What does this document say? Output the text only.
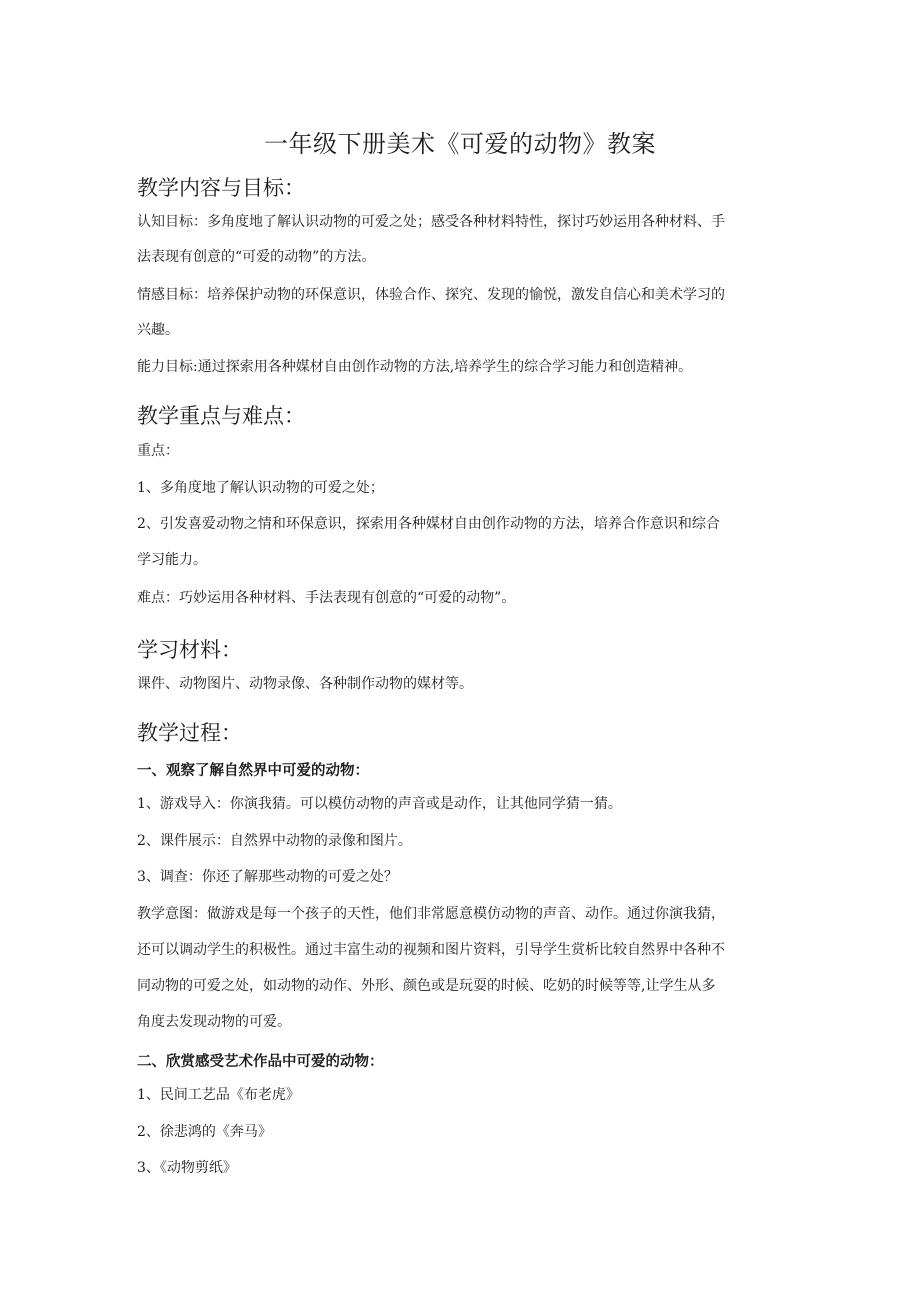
一年级下册美术《可爱的动物》教案
教学内容与目标：

认知目标：多角度地了解认识动物的可爱之处；感受各种材料特性，探讨巧妙运用各种材料、手

法表现有创意的“可爱的动物”的方法。

情感目标：培养保护动物的环保意识，体验合作、探究、发现的愉悦，激发自信心和美术学习的

兴趣。

能力目标:通过探索用各种媒材自由创作动物的方法,培养学生的综合学习能力和创造精神。

教学重点与难点：

重点：

1、多角度地了解认识动物的可爱之处；

2、引发喜爱动物之情和环保意识，探索用各种媒材自由创作动物的方法，培养合作意识和综合

学习能力。

难点：巧妙运用各种材料、手法表现有创意的“可爱的动物”。

学习材料：

课件、动物图片、动物录像、各种制作动物的媒材等。

教学过程：

一、观察了解自然界中可爱的动物：

1、游戏导入：你演我猜。可以模仿动物的声音或是动作，让其他同学猜一猜。

2、课件展示：自然界中动物的录像和图片。

3、调查：你还了解那些动物的可爱之处？

教学意图：做游戏是每一个孩子的天性，他们非常愿意模仿动物的声音、动作。通过你演我猜，

还可以调动学生的积极性。通过丰富生动的视频和图片资料，引导学生赏析比较自然界中各种不

同动物的可爱之处，如动物的动作、外形、颜色或是玩耍的时候、吃奶的时候等等,让学生从多

角度去发现动物的可爱。

二、欣赏感受艺术作品中可爱的动物：

1、民间工艺品《布老虎》

2、徐悲鸿的《奔马》

3、《动物剪纸》
